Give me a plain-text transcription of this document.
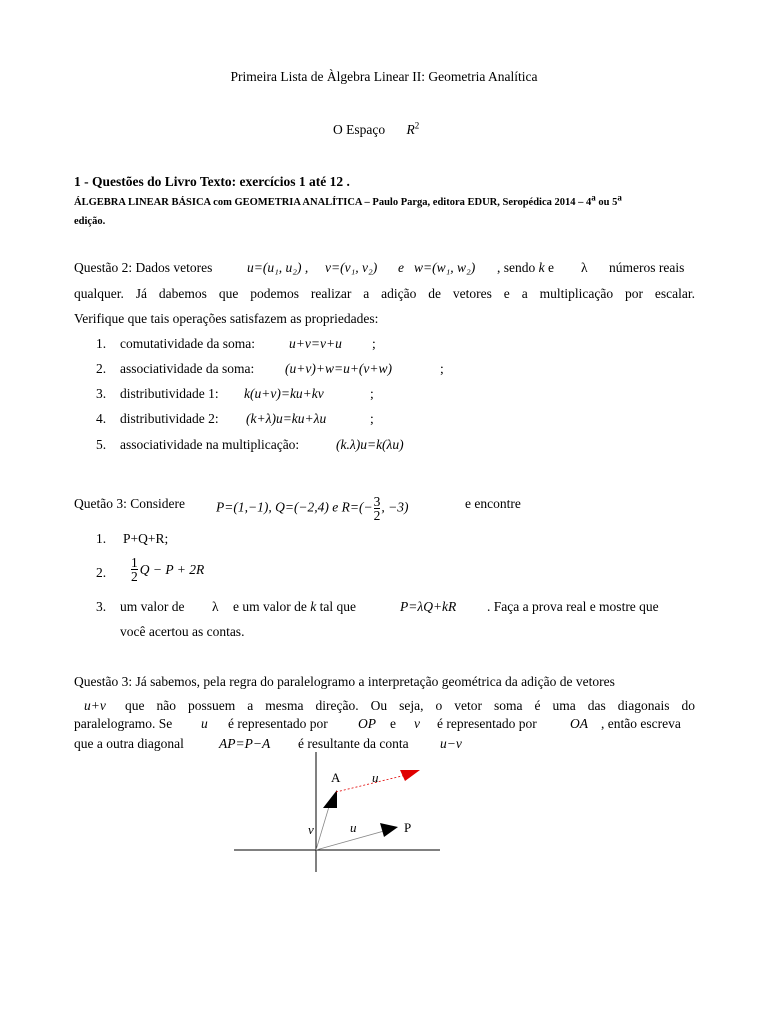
Primeira Lista de Àlgebra Linear II: Geometria Analítica
O Espaço $R^2$
1 - Questões do Livro Texto: exercícios 1 até 12 .
ÁLGEBRA LINEAR BÁSICA com GEOMETRIA ANALÍTICA – Paulo Parga, editora EDUR, Seropédica 2014 – 4$^a$ ou 5$^a$
edição.
Questão 2: Dados vetores	u=(u₁, u₂) , v=(v₁, v₂) e w=(w₁, w₂) , sendo k e λ números reais
qualquer. Já dabemos que podemos realizar a adição de vetores e a multiplicação por escalar.
Verifique que tais operações satisfazem as propriedades:
1. comutatividade da soma:	u+v=v+u ;
2. associatividade da soma: (u+v)+w=u+(v+w)	;
3. distributividade 1: k(u+v)=ku+kv	;
4. distributividade 2: (k+λ)u=ku+λu	;
5. associatividade na multiplicação:	(k.λ)u=k(λu)
Quetão 3: Considere P=(1,−1), Q=(−2,4) e $R=(- \frac{3}{2}$ , −3)	e encontre
1. P+Q+R;
2. $\frac{1}{2}$ Q − P + 2R
3. um valor de λ e um valor de k tal que	P=λQ+kR . Faça a prova real e mostre que
você acertou as contas.
Questão 3: Já sabemos, pela regra do paralelogramo a interpretação geométrica da adição de vetores
u+v que não possuem a mesma direção. Ou seja, o vetor soma é uma das diagonais do
paralelogramo. Se u é representado por OP e v é representado por OA , então escreva
que a outra diagonal	AP=P−A é resultante da conta u−v
A u
v	u	P
